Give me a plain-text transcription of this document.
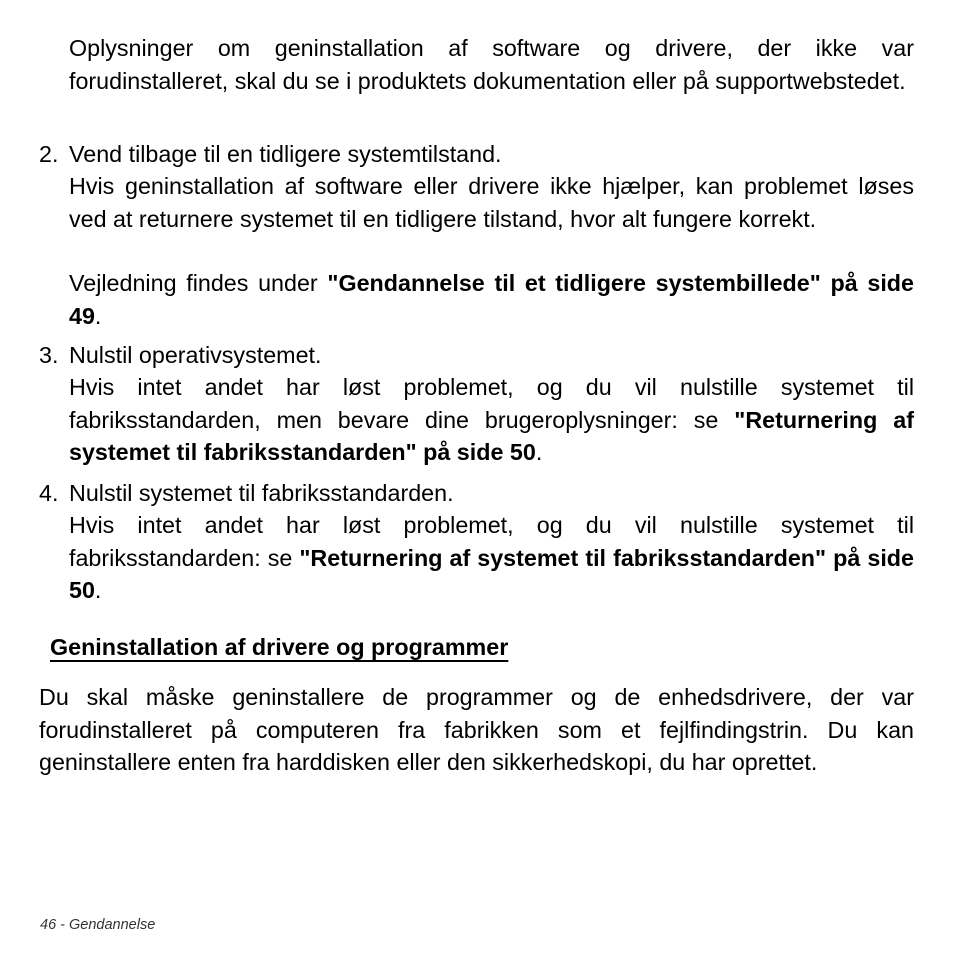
Oplysninger om geninstallation af software og drivere, der ikke var forudinstalleret, skal du se i produktets dokumentation eller på supportwebstedet.

2. Vend tilbage til en tidligere systemtilstand.

Hvis geninstallation af software eller drivere ikke hjælper, kan problemet løses ved at returnere systemet til en tidligere tilstand, hvor alt fungere korrekt.

Vejledning findes under "Gendannelse til et tidligere systembillede" på side 49.

3. Nulstil operativsystemet.

Hvis intet andet har løst problemet, og du vil nulstille systemet til fabriksstandarden, men bevare dine brugeroplysninger: se "Returnering af systemet til fabriksstandarden" på side 50.

4. Nulstil systemet til fabriksstandarden.

Hvis intet andet har løst problemet, og du vil nulstille systemet til fabriksstandarden: se "Returnering af systemet til fabriksstandarden" på side 50.

Geninstallation af drivere og programmer

Du skal måske geninstallere de programmer og de enhedsdrivere, der var forudinstalleret på computeren fra fabrikken som et fejlfindingstrin. Du kan geninstallere enten fra harddisken eller den sikkerhedskopi, du har oprettet.

46 - Gendannelse
